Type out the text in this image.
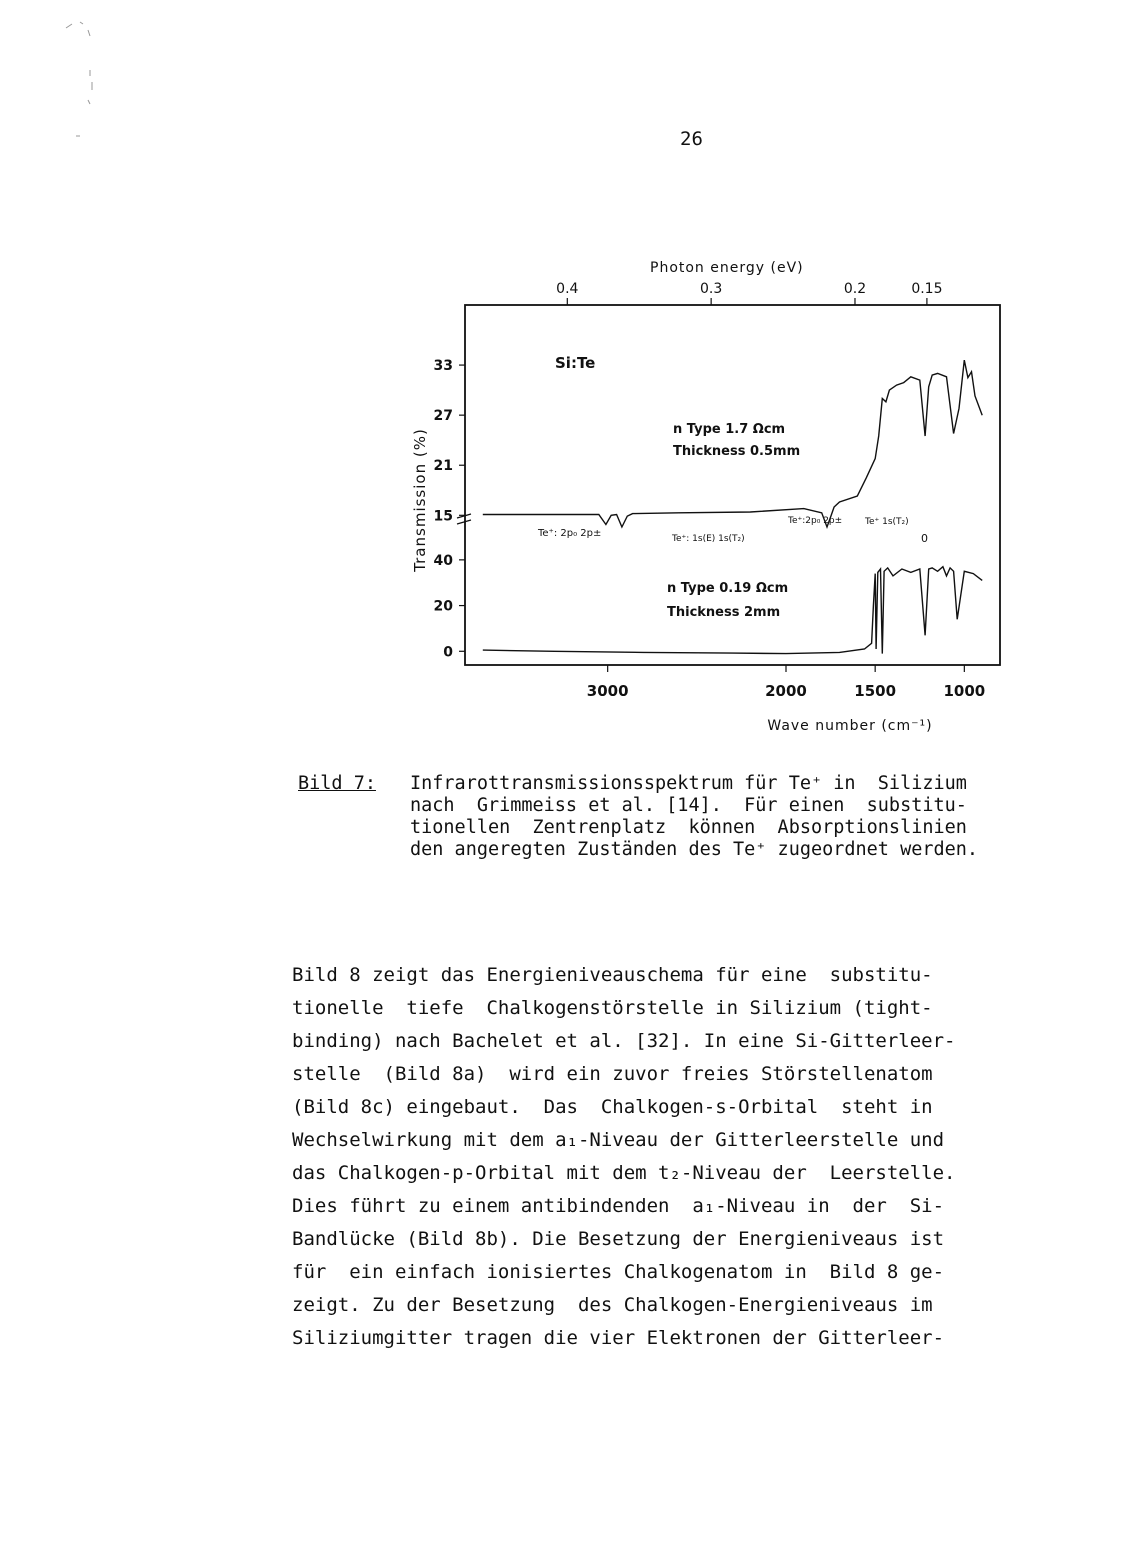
26
Photon energy (eV)
Wave number (cm⁻¹)
Transmission (%)
Si:Te
n Type 1.7 Ωcm
Thickness 0.5mm
n Type 0.19 Ωcm
Thickness 2mm
Te⁺: 2p₀ 2p±	Te⁺: 1s(E) 1s(T₂)
Te⁺:2p₀ 2p±	Te⁺ 1s(T₂)
0
33
27
21
15
40
20
0
3000	2000	1500	1000
0.4	0.3	0.2	0.15
Bild 7: Infrarottransmissionsspektrum für Te⁺ in  Silizium
nach  Grimmeiss et al. [14].  Für einen  substitu-
tionellen  Zentrenplatz  können  Absorptionslinien
den angeregten Zuständen des Te⁺ zugeordnet werden.
Bild 8 zeigt das Energieniveauschema für eine  substitu-
tionelle  tiefe  Chalkogenstörstelle in Silizium (tight-
binding) nach Bachelet et al. [32]. In eine Si-Gitterleer-
stelle  (Bild 8a)  wird ein zuvor freies Störstellenatom
(Bild 8c) eingebaut.  Das  Chalkogen-s-Orbital  steht in
Wechselwirkung mit dem a₁-Niveau der Gitterleerstelle und
das Chalkogen-p-Orbital mit dem t₂-Niveau der  Leerstelle.
Dies führt zu einem antibindenden  a₁-Niveau in  der  Si-
Bandlücke (Bild 8b). Die Besetzung der Energieniveaus ist
für  ein einfach ionisiertes Chalkogenatom in  Bild 8 ge-
zeigt. Zu der Besetzung  des Chalkogen-Energieniveaus im
Siliziumgitter tragen die vier Elektronen der Gitterleer-
